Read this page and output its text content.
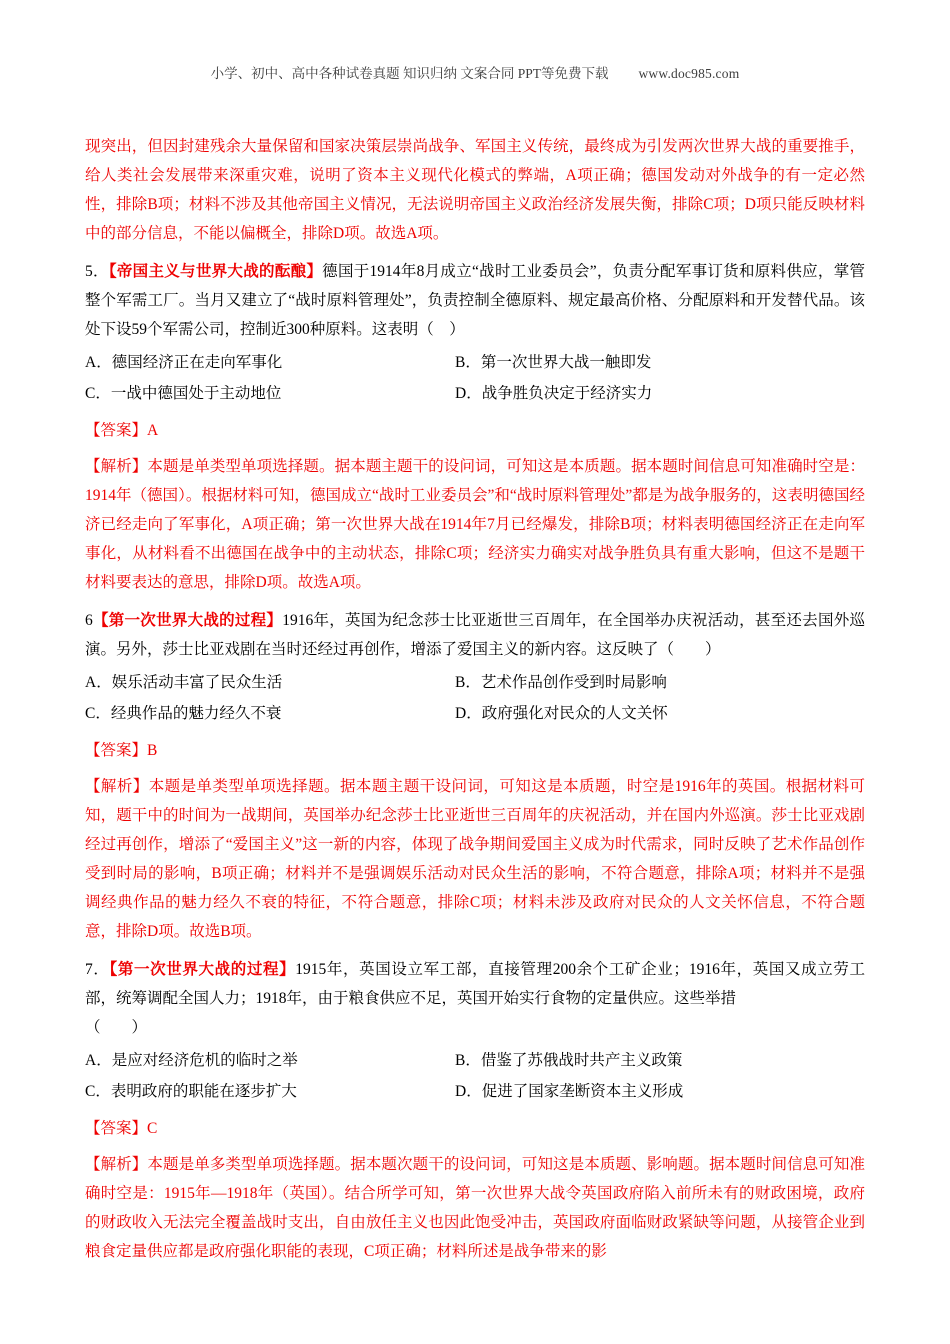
小学、初中、高中各种试卷真题 知识归纳 文案合同 PPT等免费下载 www.doc985.com

现突出，但因封建残余大量保留和国家决策层崇尚战争、军国主义传统，最终成为引发两次世界大战的重要推手，给人类社会发展带来深重灾难，说明了资本主义现代化模式的弊端，A项正确；德国发动对外战争的有一定必然性，排除B项；材料不涉及其他帝国主义情况，无法说明帝国主义政治经济发展失衡，排除C项；D项只能反映材料中的部分信息，不能以偏概全，排除D项。故选A项。

5．【帝国主义与世界大战的酝酿】德国于1914年8月成立“战时工业委员会”，负责分配军事订货和原料供应，掌管整个军需工厂。当月又建立了“战时原料管理处”，负责控制全德原料、规定最高价格、分配原料和开发替代品。该处下设59个军需公司，控制近300种原料。这表明（　）

A．德国经济正在走向军事化	B．第一次世界大战一触即发
C．一战中德国处于主动地位	D．战争胜负决定于经济实力

【答案】A

【解析】本题是单类型单项选择题。据本题主题干的设问词，可知这是本质题。据本题时间信息可知准确时空是：1914年（德国）。根据材料可知，德国成立“战时工业委员会”和“战时原料管理处”都是为战争服务的，这表明德国经济已经走向了军事化，A项正确；第一次世界大战在1914年7月已经爆发，排除B项；材料表明德国经济正在走向军事化，从材料看不出德国在战争中的主动状态，排除C项；经济实力确实对战争胜负具有重大影响，但这不是题干材料要表达的意思，排除D项。故选A项。

6【第一次世界大战的过程】1916年，英国为纪念莎士比亚逝世三百周年，在全国举办庆祝活动，甚至还去国外巡演。另外，莎士比亚戏剧在当时还经过再创作，增添了爱国主义的新内容。这反映了（　　）

A．娱乐活动丰富了民众生活	B．艺术作品创作受到时局影响
C．经典作品的魅力经久不衰	D．政府强化对民众的人文关怀

【答案】B

【解析】本题是单类型单项选择题。据本题主题干设问词，可知这是本质题，时空是1916年的英国。根据材料可知，题干中的时间为一战期间，英国举办纪念莎士比亚逝世三百周年的庆祝活动，并在国内外巡演。莎士比亚戏剧经过再创作，增添了“爱国主义”这一新的内容，体现了战争期间爱国主义成为时代需求，同时反映了艺术作品创作受到时局的影响，B项正确；材料并不是强调娱乐活动对民众生活的影响，不符合题意，排除A项；材料并不是强调经典作品的魅力经久不衰的特征，不符合题意，排除C项；材料未涉及政府对民众的人文关怀信息，不符合题意，排除D项。故选B项。

7．【第一次世界大战的过程】1915年，英国设立军工部，直接管理200余个工矿企业；1916年，英国又成立劳工部，统筹调配全国人力；1918年，由于粮食供应不足，英国开始实行食物的定量供应。这些举措

（　　）

A．是应对经济危机的临时之举	B．借鉴了苏俄战时共产主义政策
C．表明政府的职能在逐步扩大	D．促进了国家垄断资本主义形成

【答案】C

【解析】本题是单多类型单项选择题。据本题次题干的设问词，可知这是本质题、影响题。据本题时间信息可知准确时空是：1915年—1918年（英国）。结合所学可知，第一次世界大战令英国政府陷入前所未有的财政困境，政府的财政收入无法完全覆盖战时支出，自由放任主义也因此饱受冲击，英国政府面临财政紧缺等问题，从接管企业到粮食定量供应都是政府强化职能的表现，C项正确；材料所述是战争带来的影
